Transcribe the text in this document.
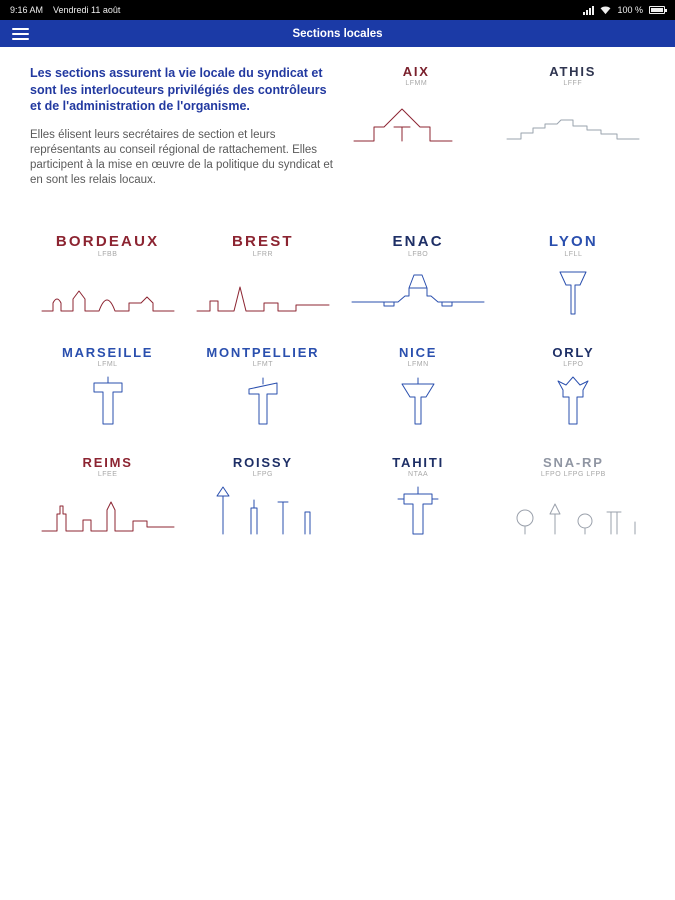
9:16 AM Vendredi 11 août	100 %
Sections locales

Les sections assurent la vie locale du syndicat et sont les interlocuteurs privilégiés des contrôleurs et de l'administration de l'organisme.

Elles élisent leurs secrétaires de section et leurs représentants au conseil régional de rattachement. Elles participent à la mise en œuvre de la politique du syndicat et en sont les relais locaux.

AIX
LFMM
ATHIS
LFFF
BORDEAUX
LFBB
BREST
LFRR
ENAC
LFBO
LYON
LFLL
MARSEILLE
LFML
MONTPELLIER
LFMT
NICE
LFMN
ORLY
LFPO
REIMS
LFEE
ROISSY
LFPG
TAHITI
NTAA
SNA-RP
LFPO LFPG LFPB
